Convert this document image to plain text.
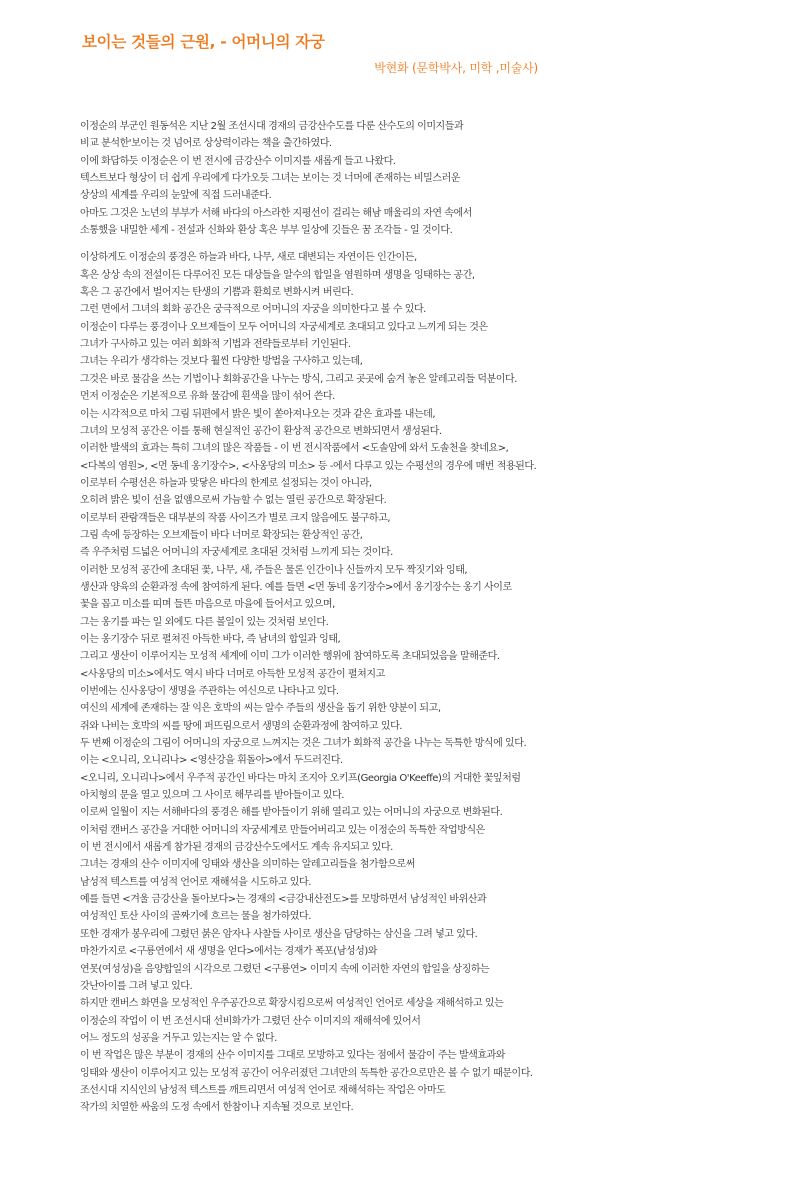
보이는 것들의 근원, - 어머니의 자궁
박현화 (문학박사, 미학 ,미술사)
이정순의 부군인 원동석은 지난 2월 조선시대 경재의 금강산수도를 다룬 산수도의 이미지들과
비교 분석한'보이는 것 넘어로 상상력이라는 책을 출간하였다.
이에 화답하듯 이정순은 이 번 전시에 금강산수 이미지를 새롭게 들고 나왔다.
텍스트보다 형상이 더 쉽게 우리에게 다가오듯 그녀는 보이는 것 너머에 존재하는 비밀스러운
상상의 세계를 우리의 눈앞에 직접 드러내준다.
아마도 그것은 노년의 부부가 서해 바다의 아스라한 지평선이 걸리는 해남 매울리의 자연 속에서
소통했을 내밀한 세계 - 전설과 신화와 환상 혹은 부부 일상에 깃들은 꿈 조각들 - 일 것이다.
이상하게도 이정순의 풍경은 하늘과 바다, 나무, 새로 대변되는 자연이든 인간이든,
혹은 상상 속의 전설이든 다루어진 모든 대상들을 알수의 합일을 염원하며 생명을 잉태하는 공간,
혹은 그 공간에서 벌어지는 탄생의 기쁨과 환희로 변화시켜 버린다.
그런 면에서 그녀의 회화 공간은 궁극적으로 어머니의 자궁을 의미한다고 볼 수 있다.
이정순이 다루는 풍경이나 오브제들이 모두 어머니의 자궁세계로 초대되고 있다고 느끼게 되는 것은
그녀가 구사하고 있는 여러 회화적 기법과 전략들로부터 기인된다.
그녀는 우리가 생각하는 것보다 훨씬 다양한 방법을 구사하고 있는데,
그것은 바로 물감을 쓰는 기법이나 회화공간을 나누는 방식, 그리고 곳곳에 숨겨 놓은 알레고리들 덕분이다.
먼저 이정순은 기본적으로 유화 물감에 흰색을 많이 섞어 쓴다.
이는 시각적으로 마치 그림 뒤편에서 밝은 빛이 쏟아져나오는 것과 같은 효과를 내는데,
그녀의 모성적 공간은 이를 통해 현실적인 공간이 환상적 공간으로 변화되면서 생성된다.
이러한 발색의 효과는 특히 그녀의 많은 작품들 - 이 번 전시작품에서 <도솔암에 와서 도솔천을 찾네요>,
<다복의 염원>, <먼 동네 옹기장수>, <사옹당의 미소> 등 -에서 다루고 있는 수평선의 경우에 매번 적용된다.
이로부터 수평선은 하늘과 맞닿은 바다의 한계로 설정되는 것이 아니라,
오히려 밝은 빛이 선을 없앰으로써 가늠할 수 없는 열린 공간으로 확장된다.
이로부터 관람객들은 대부분의 작품 사이즈가 별로 크지 않음에도 불구하고,
그림 속에 등장하는 오브제들이 바다 너머로 확장되는 환상적인 공간,
즉 우주처럼 드넓은 어머니의 자궁세계로 초대된 것처럼 느끼게 되는 것이다.
이러한 모성적 공간에 초대된 꽃, 나무, 새, 주들은 물론 인간이나 신들까지 모두 짝짓기와 잉태,
생산과 양육의 순환과정 속에 참여하게 된다. 예를 들면 <먼 동네 옹기장수>에서 옹기장수는 옹기 사이로
꽃을 꼽고 미소를 띠며 들뜬 마음으로 마을에 들어서고 있으며,
그는 옹기를 파는 일 외에도 다른 볼일이 있는 것처럼 보인다.
이는 옹기장수 뒤로 펼쳐진 아득한 바다, 즉 남녀의 합일과 잉태,
그리고 생산이 이루어지는 모성적 세계에 이미 그가 이러한 행위에 참여하도록 초대되었음을 말해준다.
<사옹당의 미소>에서도 역시 바다 너머로 아득한 모성적 공간이 펼쳐지고
이번에는 신사옹당이 생명을 주관하는 여신으로 나타나고 있다.
여신의 세계에 존재하는 잘 익은 호박의 씨는 알수 주들의 생산을 돕기 위한 양분이 되고,
쥐와 나비는 호박의 씨를 땅에 퍼뜨림으로서 생명의 순환과정에 참여하고 있다.
두 번째 이정순의 그림이 어머니의 자궁으로 느껴지는 것은 그녀가 회화적 공간을 나누는 독특한 방식에 있다.
이는 <오니리, 오니리나> <영산강을 휘돌아>에서 두드러진다.
<오니리, 오니리나>에서 우주적 공간인 바다는 마치 조지아 오키프(Georgia O'Keeffe)의 거대한 꽃잎처럼
아치형의 문을 열고 있으며 그 사이로 해무리를 받아들이고 있다.
이로써 일월이 지는 서해바다의 풍경은 해를 받아들이기 위해 열리고 있는 어머니의 자궁으로 변화된다.
이처럼 캔버스 공간을 거대한 어머니의 자궁세계로 만들어버리고 있는 이정순의 독특한 작업방식은
이 번 전시에서 새롭게 참가된 경재의 금강산수도에서도 계속 유지되고 있다.
그녀는 경재의 산수 이미지에 잉태와 생산을 의미하는 알레고리들을 첨가함으로써
남성적 텍스트를 여성적 언어로 재해석을 시도하고 있다.
예를 들면 <겨울 금강산을 돌아보다>는 경재의 <금강내산전도>를 모방하면서 남성적인 바위산과
여성적인 토산 사이의 골짜기에 흐르는 물을 첨가하였다.
또한 경재가 봉우리에 그렸던 붉은 암자나 사찰들 사이로 생산을 담당하는 삼신을 그려 넣고 있다.
마찬가지로 <구룡연에서 새 생명을 얻다>에서는 경재가 폭포(남성성)와
연못(여성성)을 음양합일의 시각으로 그렸던 <구룡연> 이미지 속에 이러한 자연의 합일을 상징하는
갓난아이를 그려 넣고 있다.
하지만 캔버스 화면을 모성적인 우주공간으로 확장시킴으로써 여성적인 언어로 세상을 재해석하고 있는
이정순의 작업이 이 번 조선시대 선비화가가 그렸던 산수 이미지의 재해석에 있어서
어느 정도의 성공을 거두고 있는지는 알 수 없다.
이 번 작업은 많은 부분이 경재의 산수 이미지를 그대로 모방하고 있다는 점에서 물감이 주는 발색효과와
잉태와 생산이 이루어지고 있는 모성적 공간이 어우러졌던 그녀만의 독특한 공간으로만은 볼 수 없기 때문이다.
조선시대 지식인의 남성적 텍스트를 깨트리면서 여성적 언어로 재해석하는 작업은 아마도
작가의 치열한 싸움의 도정 속에서 한참이나 지속될 것으로 보인다.
